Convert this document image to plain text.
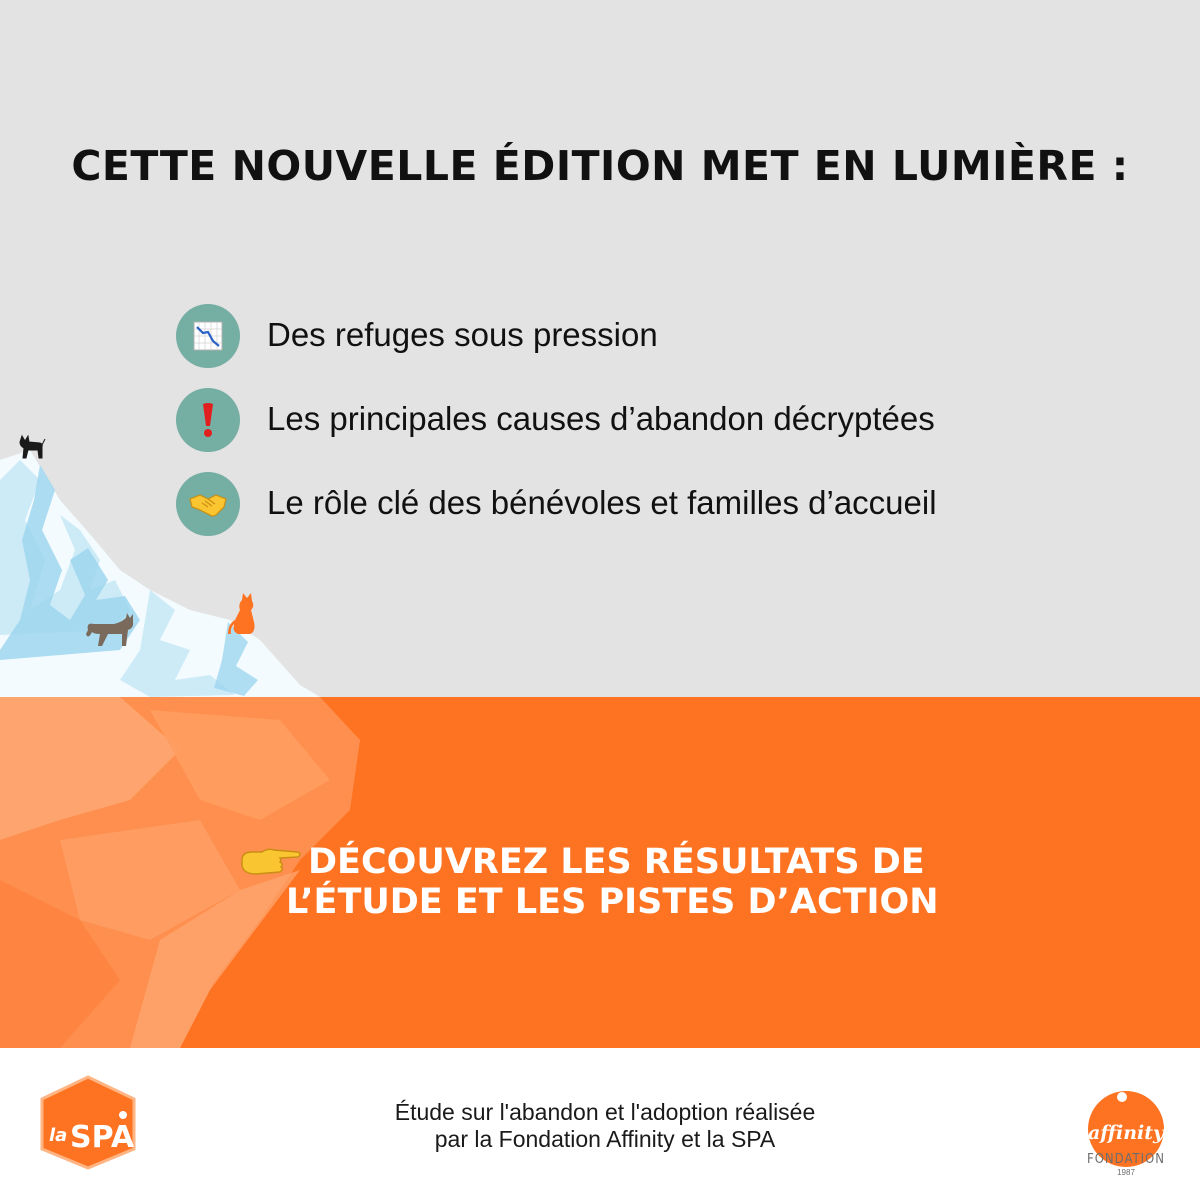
CETTE NOUVELLE ÉDITION MET EN LUMIÈRE :
Des refuges sous pression
Les principales causes d’abandon décryptées
Le rôle clé des bénévoles et familles d’accueil
DÉCOUVREZ LES RÉSULTATS DE
L’ÉTUDE ET LES PISTES D’ACTION
la SPA
Étude sur l'abandon et l'adoption réalisée
par la Fondation Affinity et la SPA	affinity
FONDATION
1987
